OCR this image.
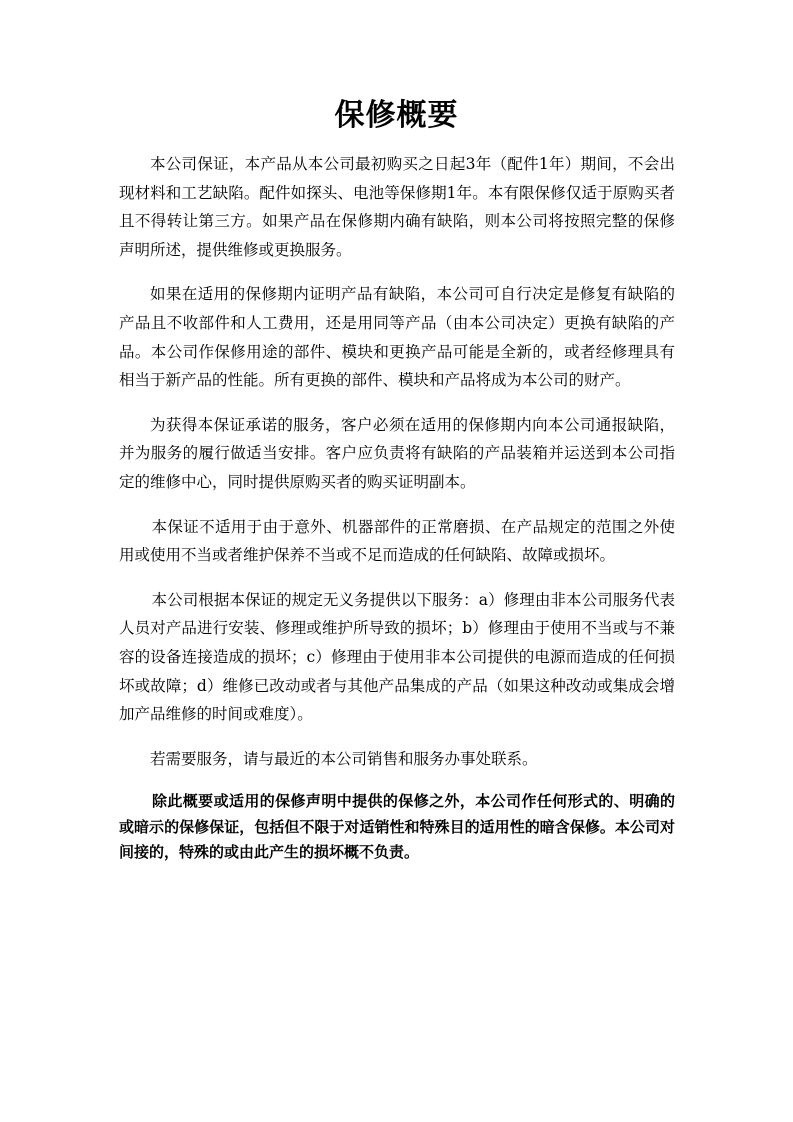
保修概要

本公司保证，本产品从本公司最初购买之日起3年（配件1年）期间，不会出现材料和工艺缺陷。配件如探头、电池等保修期1年。本有限保修仅适于原购买者且不得转让第三方。如果产品在保修期内确有缺陷，则本公司将按照完整的保修声明所述，提供维修或更换服务。

如果在适用的保修期内证明产品有缺陷，本公司可自行决定是修复有缺陷的产品且不收部件和人工费用，还是用同等产品（由本公司决定）更换有缺陷的产品。本公司作保修用途的部件、模块和更换产品可能是全新的，或者经修理具有相当于新产品的性能。所有更换的部件、模块和产品将成为本公司的财产。

为获得本保证承诺的服务，客户必须在适用的保修期内向本公司通报缺陷，并为服务的履行做适当安排。客户应负责将有缺陷的产品装箱并运送到本公司指定的维修中心，同时提供原购买者的购买证明副本。

本保证不适用于由于意外、机器部件的正常磨损、在产品规定的范围之外使用或使用不当或者维护保养不当或不足而造成的任何缺陷、故障或损坏。

本公司根据本保证的规定无义务提供以下服务：a）修理由非本公司服务代表人员对产品进行安装、修理或维护所导致的损坏；b）修理由于使用不当或与不兼容的设备连接造成的损坏；c）修理由于使用非本公司提供的电源而造成的任何损坏或故障；d）维修已改动或者与其他产品集成的产品（如果这种改动或集成会增加产品维修的时间或难度）。

若需要服务，请与最近的本公司销售和服务办事处联系。

除此概要或适用的保修声明中提供的保修之外，本公司作任何形式的、明确的或暗示的保修保证，包括但不限于对适销性和特殊目的适用性的暗含保修。本公司对间接的，特殊的或由此产生的损坏概不负责。
